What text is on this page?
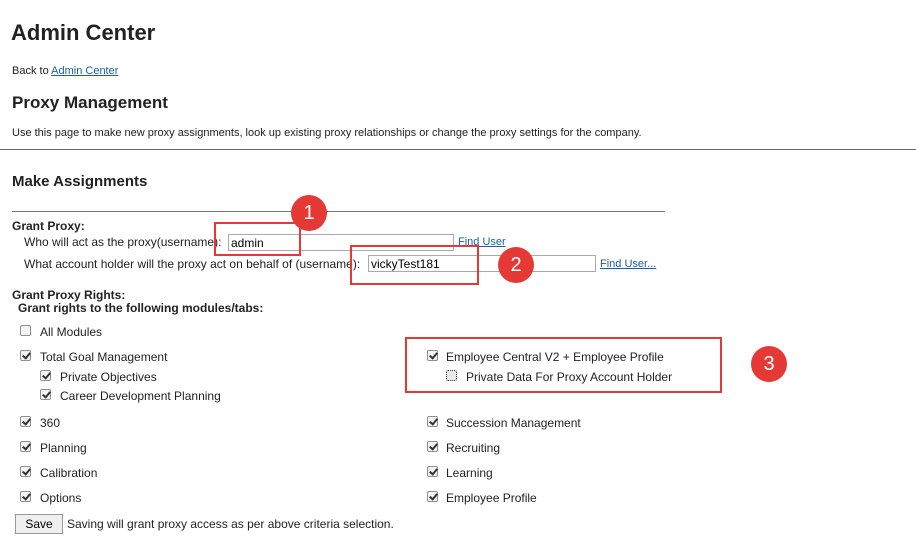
Admin Center
Back to Admin Center
Proxy Management
Use this page to make new proxy assignments, look up existing proxy relationships or change the proxy settings for the company.
Make Assignments
Grant Proxy:
Who will act as the proxy(username):
admin	Find User
What account holder will the proxy act on behalf of (username):
vickyTest181	Find User...
Grant Proxy Rights:
Grant rights to the following modules/tabs:
All Modules
Total Goal Management
Private Objectives
Career Development Planning
360
Planning
Calibration
Options
Employee Central V2 + Employee Profile
Private Data For Proxy Account Holder
Succession Management
Recruiting
Learning
Employee Profile
Save	Saving will grant proxy access as per above criteria selection.
1
2
3
